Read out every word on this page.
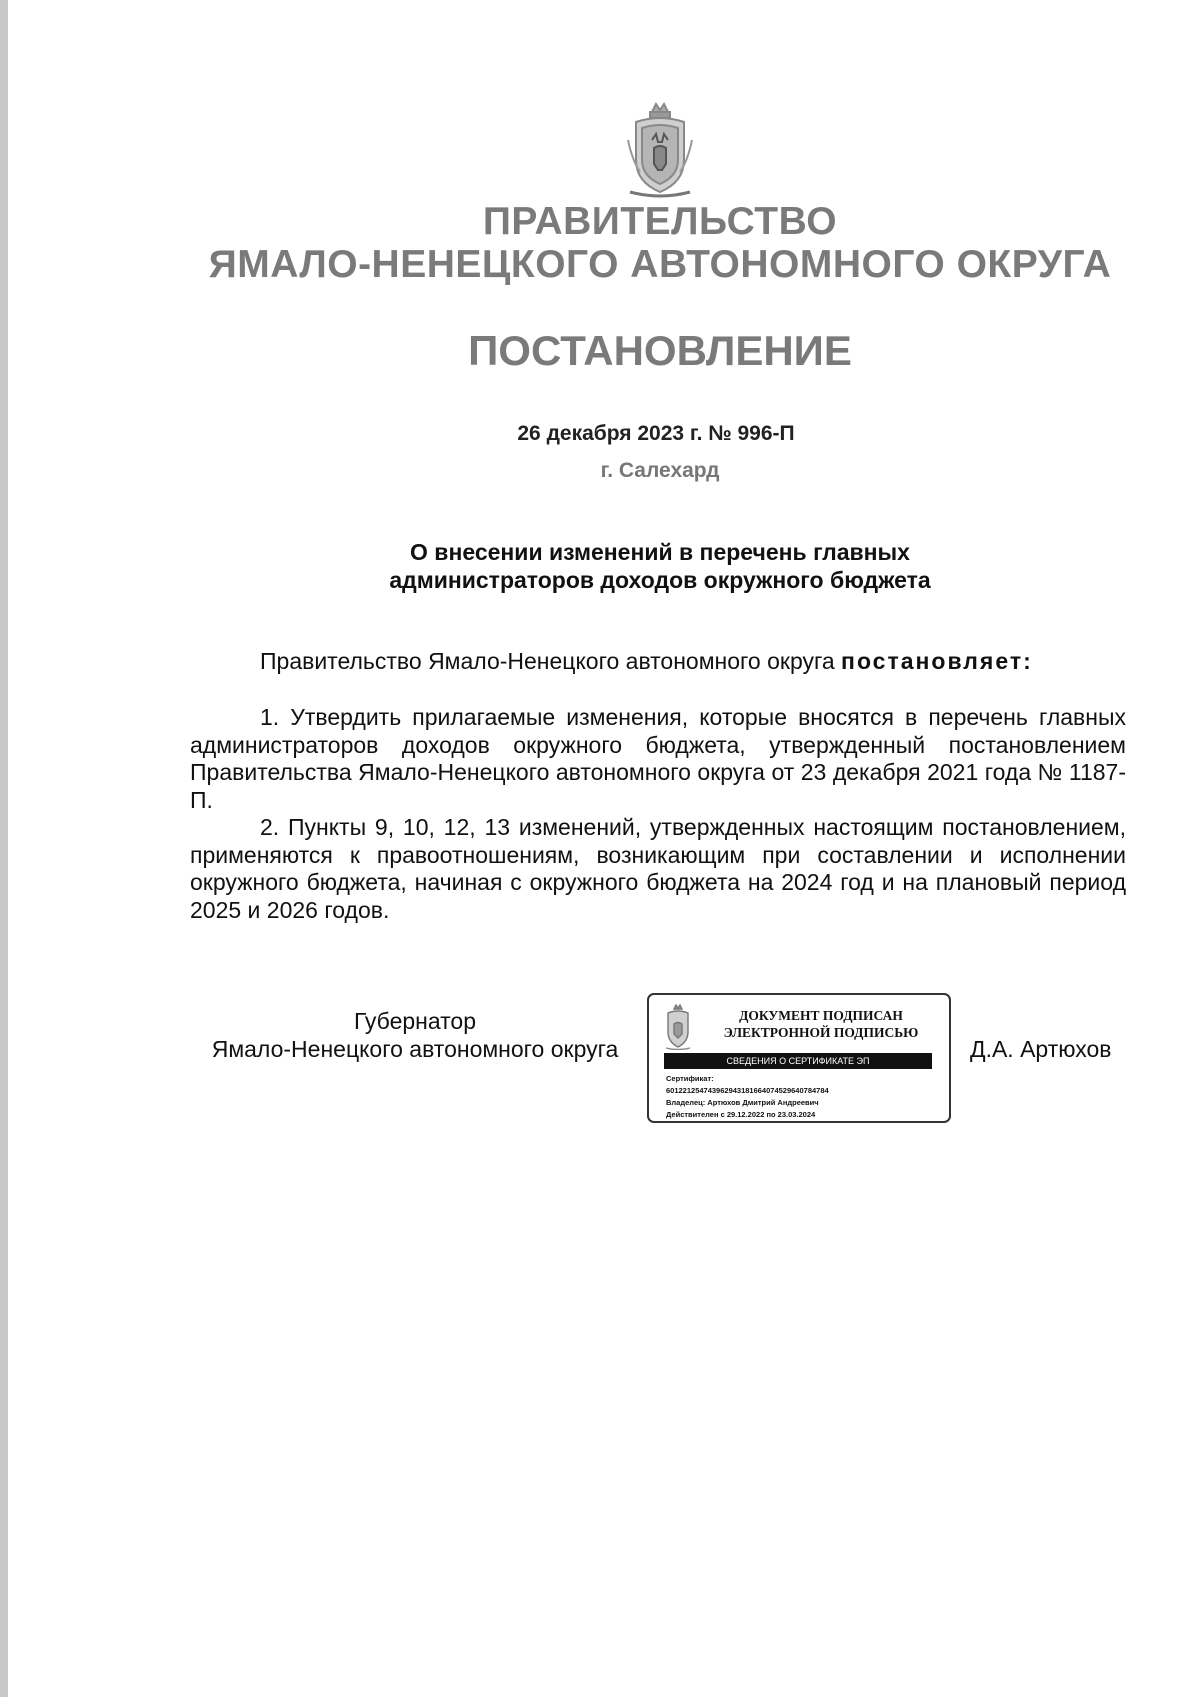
ПРАВИТЕЛЬСТВО
ЯМАЛО-НЕНЕЦКОГО АВТОНОМНОГО ОКРУГА
ПОСТАНОВЛЕНИЕ
26 декабря 2023 г. № 996-П
г. Салехард
О внесении изменений в перечень главных
администраторов доходов окружного бюджета
Правительство Ямало-Ненецкого автономного округа постановляет:

1. Утвердить прилагаемые изменения, которые вносятся в перечень главных администраторов доходов окружного бюджета, утвержденный постановлением Правительства Ямало-Ненецкого автономного округа от 23 декабря 2021 года № 1187-П.

2. Пункты 9, 10, 12, 13 изменений, утвержденных настоящим постановлением, применяются к правоотношениям, возникающим при составлении и исполнении окружного бюджета, начиная с окружного бюджета на 2024 год и на плановый период 2025 и 2026 годов.

Губернатор
Ямало-Ненецкого автономного округа
ДОКУМЕНТ ПОДПИСАН
ЭЛЕКТРОННОЙ ПОДПИСЬЮ
СВЕДЕНИЯ О СЕРТИФИКАТЕ ЭП
Сертификат:
601221254743962943181664074529640784784
Владелец: Артюхов Дмитрий Андреевич
Действителен с 29.12.2022 по 23.03.2024
Д.А. Артюхов
